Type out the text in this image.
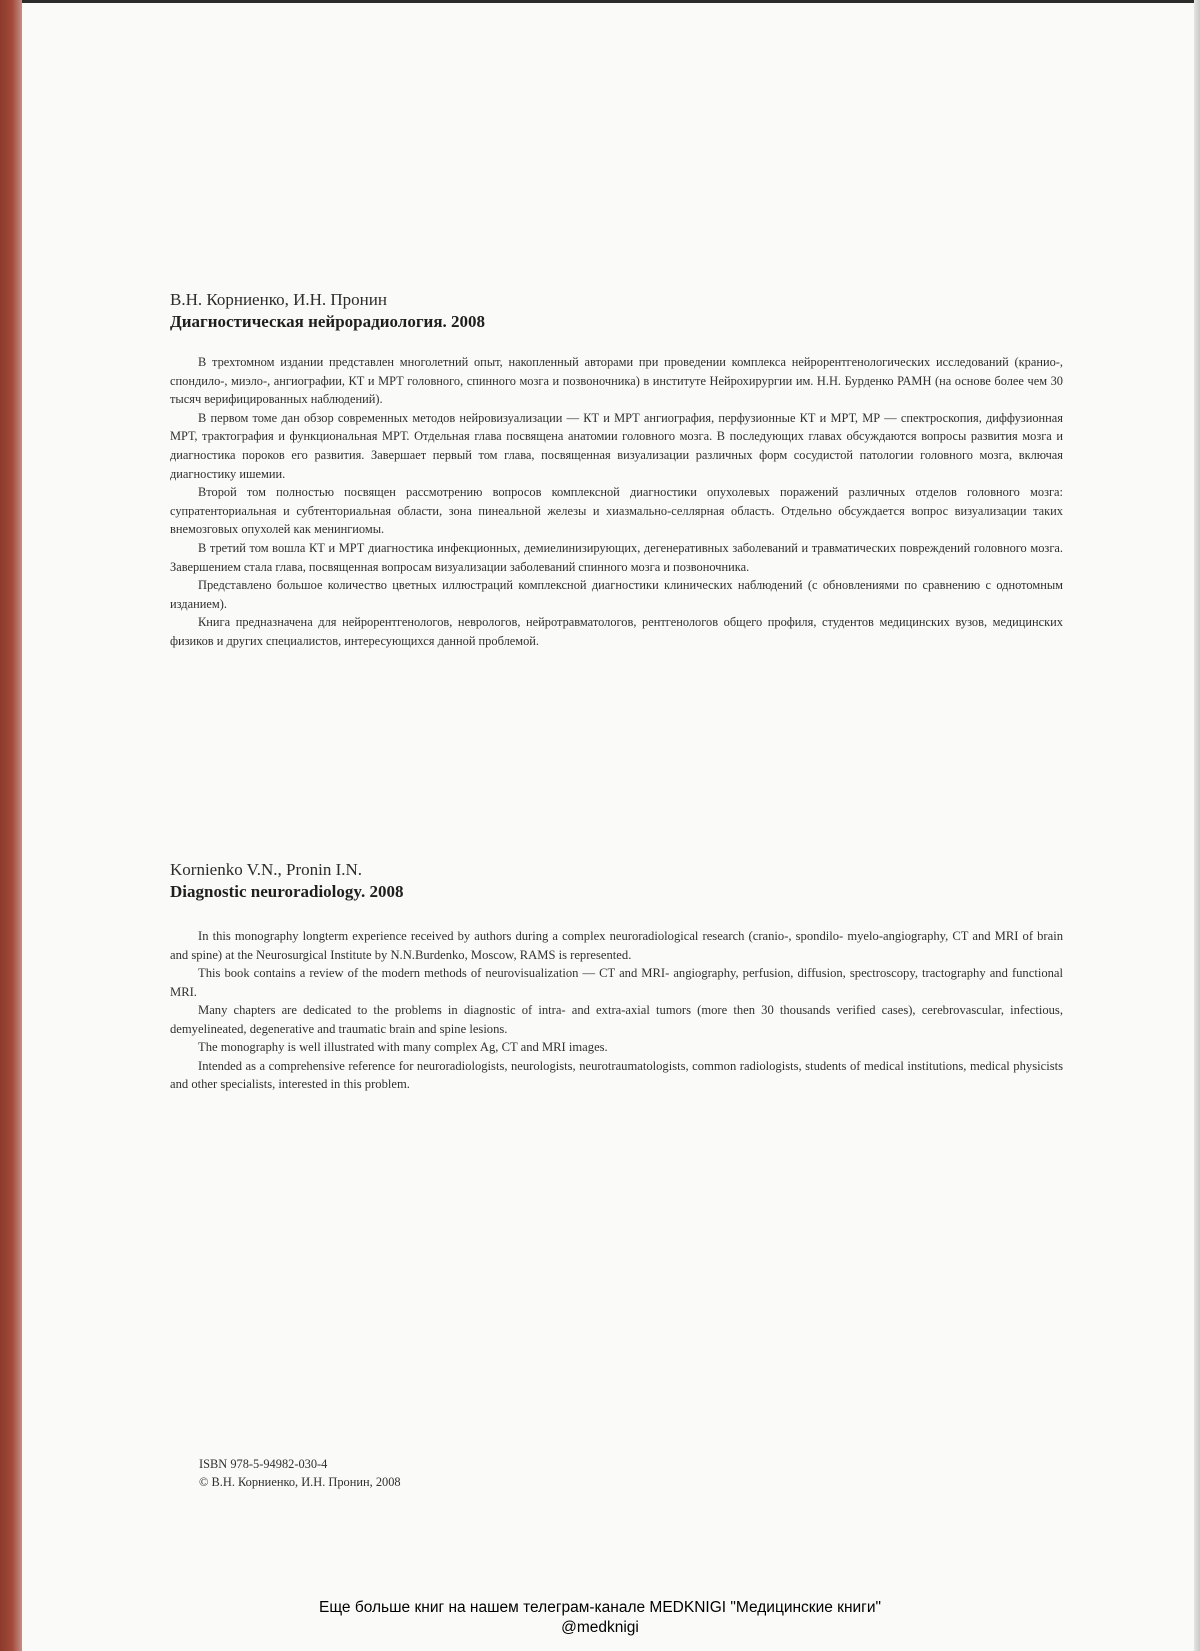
В.Н. Корниенко, И.Н. Пронин

Диагностическая нейрорадиология. 2008

В трехтомном издании представлен многолетний опыт, накопленный авторами при проведении комплекса нейрорентгенологических исследований (кранио-, спондило-, миэло-, ангиографии, КТ и МРТ головного, спинного мозга и позвоночника) в институте Нейрохирургии им. Н.Н. Бурденко РАМН (на основе более чем 30 тысяч верифицированных наблюдений).

В первом томе дан обзор современных методов нейровизуализации — КТ и МРТ ангиография, перфузионные КТ и МРТ, МР — спектроскопия, диффузионная МРТ, трактография и функциональная МРТ. Отдельная глава посвящена анатомии головного мозга. В последующих главах обсуждаются вопросы развития мозга и диагностика пороков его развития. Завершает первый том глава, посвященная визуализации различных форм сосудистой патологии головного мозга, включая диагностику ишемии.

Второй том полностью посвящен рассмотрению вопросов комплексной диагностики опухолевых поражений различных отделов головного мозга: супратенториальная и субтенториальная области, зона пинеальной железы и хиазмально-селлярная область. Отдельно обсуждается вопрос визуализации таких внемозговых опухолей как менингиомы.

В третий том вошла КТ и МРТ диагностика инфекционных, демиелинизирующих, дегенеративных заболеваний и травматических повреждений головного мозга. Завершением стала глава, посвященная вопросам визуализации заболеваний спинного мозга и позвоночника.

Представлено большое количество цветных иллюстраций комплексной диагностики клинических наблюдений (с обновлениями по сравнению с однотомным изданием).

Книга предназначена для нейрорентгенологов, неврологов, нейротравматологов, рентгенологов общего профиля, студентов медицинских вузов, медицинских физиков и других специалистов, интересующихся данной проблемой.

Kornienko V.N., Pronin I.N.

Diagnostic neuroradiology. 2008

In this monography longterm experience received by authors during a complex neuroradiological research (cranio-, spondilo- myelo-angiography, CT and MRI of brain and spine) at the Neurosurgical Institute by N.N.Burdenko, Moscow, RAMS is represented.

This book contains a review of the modern methods of neurovisualization — CT and MRI- angiography, perfusion, diffusion, spectroscopy, tractography and functional MRI.

Many chapters are dedicated to the problems in diagnostic of intra- and extra-axial tumors (more then 30 thousands verified cases), cerebrovascular, infectious, demyelineated, degenerative and traumatic brain and spine lesions.

The monography is well illustrated with many complex Ag, CT and MRI images.

Intended as a comprehensive reference for neuroradiologists, neurologists, neurotraumatologists, common radiologists, students of medical institutions, medical physicists and other specialists, interested in this problem.

ISBN 978-5-94982-030-4
© В.Н. Корниенко, И.Н. Пронин, 2008
Еще больше книг на нашем телеграм-канале MEDKNIGI "Медицинские книги"
@medknigi
